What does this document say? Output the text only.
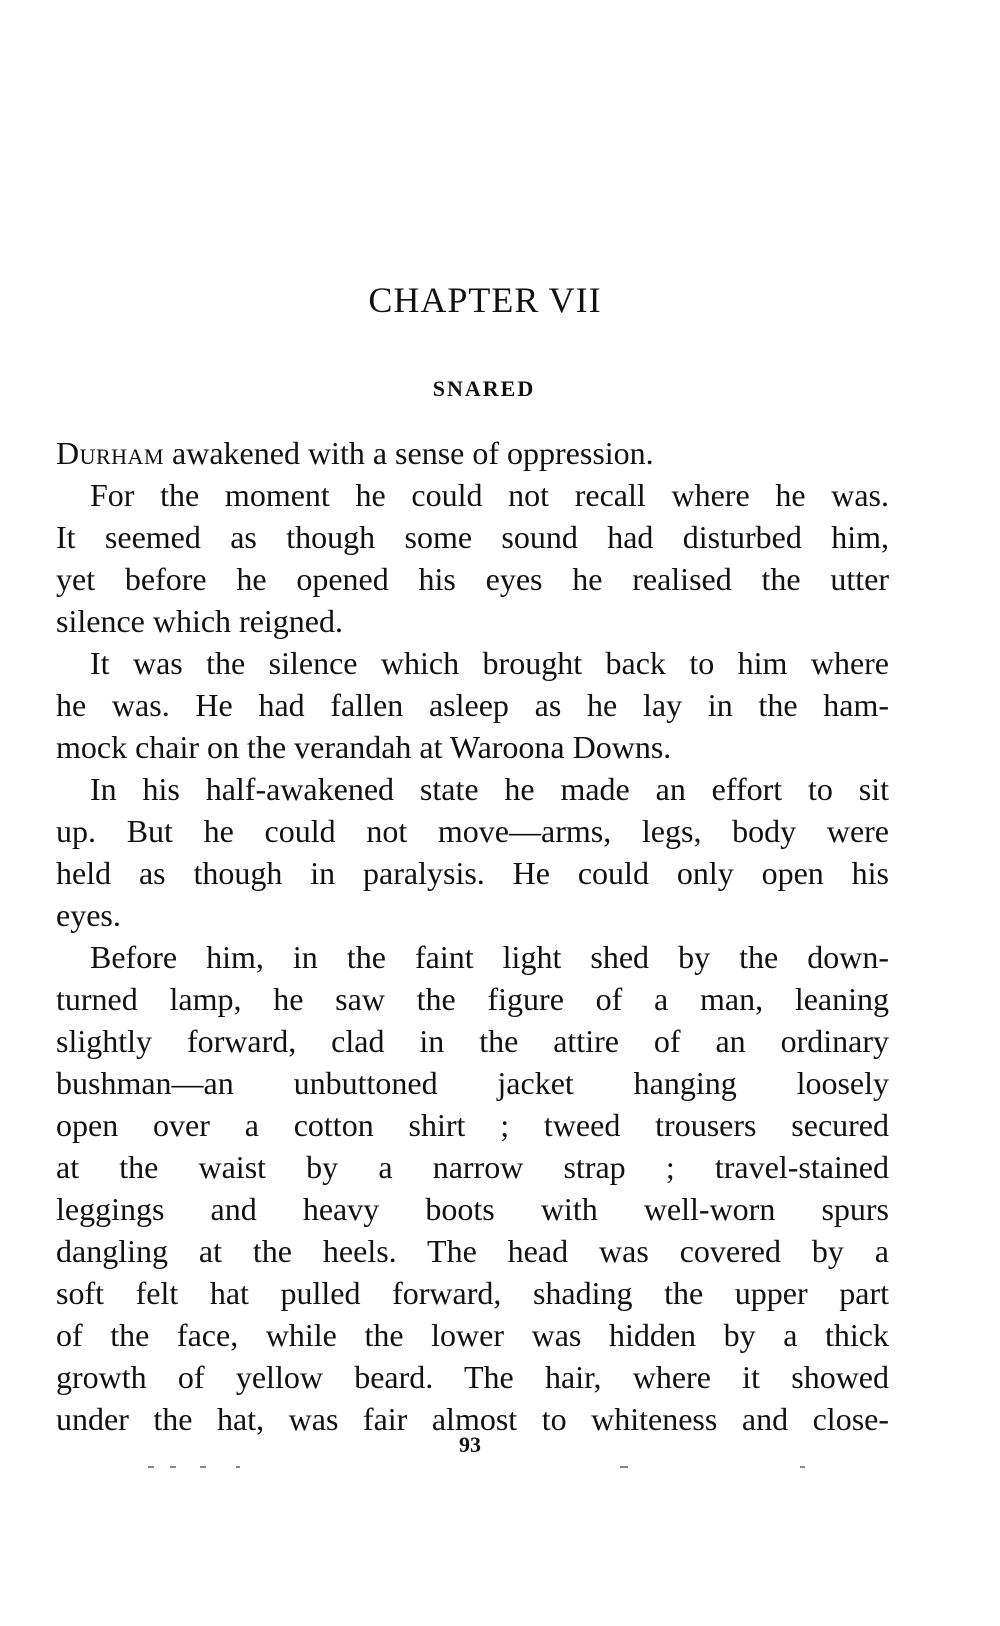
CHAPTER VII
SNARED
Durham awakened with a sense of oppression.
For the moment he could not recall where he was.
It seemed as though some sound had disturbed him,
yet before he opened his eyes he realised the utter
silence which reigned.
It was the silence which brought back to him where
he was. He had fallen asleep as he lay in the ham-
mock chair on the verandah at Waroona Downs.
In his half-awakened state he made an effort to sit
up. But he could not move—arms, legs, body were
held as though in paralysis. He could only open his
eyes.
Before him, in the faint light shed by the down-
turned lamp, he saw the figure of a man, leaning
slightly forward, clad in the attire of an ordinary
bushman—an unbuttoned jacket hanging loosely
open over a cotton shirt ; tweed trousers secured
at the waist by a narrow strap ; travel-stained
leggings and heavy boots with well-worn spurs
dangling at the heels. The head was covered by a
soft felt hat pulled forward, shading the upper part
of the face, while the lower was hidden by a thick
growth of yellow beard. The hair, where it showed
under the hat, was fair almost to whiteness and close-
93
